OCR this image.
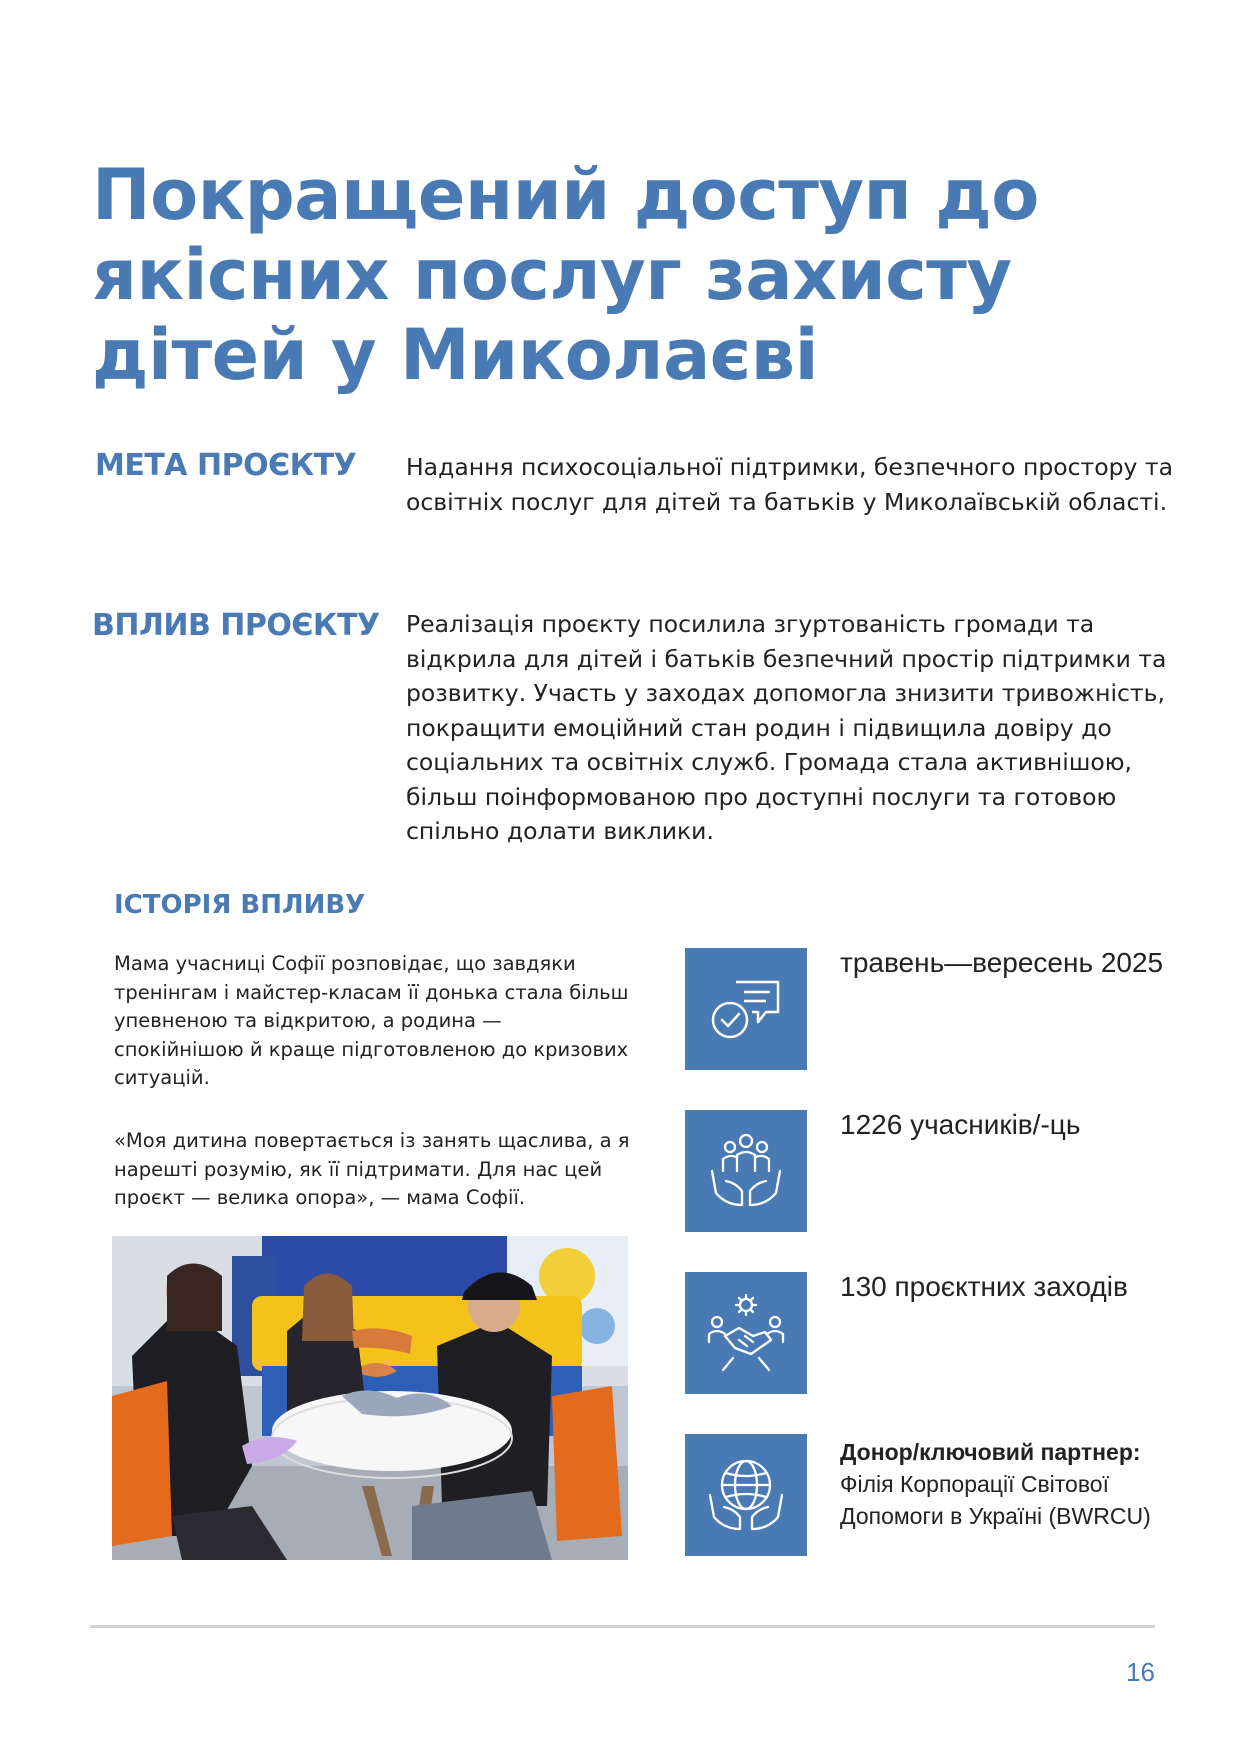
Покращений доступ до якісних послуг захисту дітей у Миколаєві
МЕТА ПРОЄКТУ Надання психосоціальної підтримки, безпечного простору та освітніх послуг для дітей та батьків у Миколаївській області.

ВПЛИВ ПРОЄКТУ Реалізація проєкту посилила згуртованість громади та відкрила для дітей і батьків безпечний простір підтримки та розвитку. Участь у заходах допомогла знизити тривожність, покращити емоційний стан родин і підвищила довіру до соціальних та освітніх служб. Громада стала активнішою, більш поінформованою про доступні послуги та готовою спільно долати виклики.

ІСТОРІЯ ВПЛИВУ

Мама учасниці Софії розповідає, що завдяки тренінгам і майстер-класам її донька стала більш упевненою та відкритою, а родина — спокійнішою й краще підготовленою до кризових ситуацій.

«Моя дитина повертається із занять щаслива, а я нарешті розумію, як її підтримати. Для нас цей проєкт — велика опора», — мама Софії.

травень—вересень 2025

1226 учасників/-ць

130 проєктних заходів

Донор/ключовий партнер:
Філія Корпорації Світової Допомоги в Україні (BWRCU)
16
